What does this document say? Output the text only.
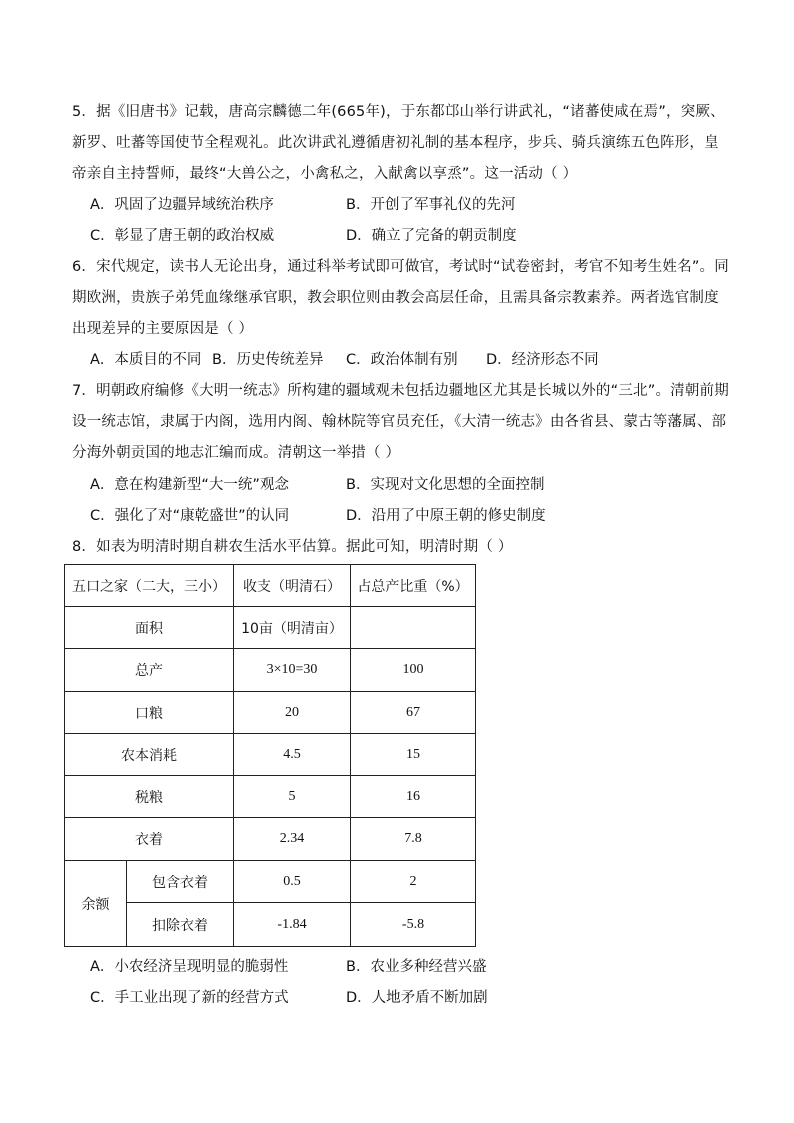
5．据《旧唐书》记载，唐高宗麟德二年(665年)，于东都邙山举行讲武礼，“诸蕃使咸在焉”，突厥、新罗、吐蕃等国使节全程观礼。此次讲武礼遵循唐初礼制的基本程序，步兵、骑兵演练五色阵形，皇帝亲自主持誓师，最终“大兽公之，小禽私之，入献禽以享烝”。这一活动（ ）
A．巩固了边疆异域统治秩序	B．开创了军事礼仪的先河
C．彰显了唐王朝的政治权威	D．确立了完备的朝贡制度
6．宋代规定，读书人无论出身，通过科举考试即可做官，考试时“试卷密封，考官不知考生姓名”。同期欧洲，贵族子弟凭血缘继承官职，教会职位则由教会高层任命，且需具备宗教素养。两者选官制度出现差异的主要原因是（ ）
A．本质目的不同 B．历史传统差异 C．政治体制有别 D．经济形态不同
7．明朝政府编修《大明一统志》所构建的疆域观未包括边疆地区尤其是长城以外的“三北”。清朝前期设一统志馆，隶属于内阁，选用内阁、翰林院等官员充任，《大清一统志》由各省县、蒙古等藩属、部分海外朝贡国的地志汇编而成。清朝这一举措（ ）
A．意在构建新型“大一统”观念	B．实现对文化思想的全面控制
C．强化了对“康乾盛世”的认同	D．沿用了中原王朝的修史制度
8．如表为明清时期自耕农生活水平估算。据此可知，明清时期（ ）
五口之家（二大，三小）		收支（明清石）	占总产比重（%）
面积		10亩（明清亩）	
总产		3×10=30	100
口粮		20	67
农本消耗		4.5	15
税粮		5	16
衣着		2.34	7.8
余额	包含衣着	0.5	2
	扣除衣着	-1.84	-5.8
A．小农经济呈现明显的脆弱性	B．农业多种经营兴盛
C．手工业出现了新的经营方式	D．人地矛盾不断加剧
